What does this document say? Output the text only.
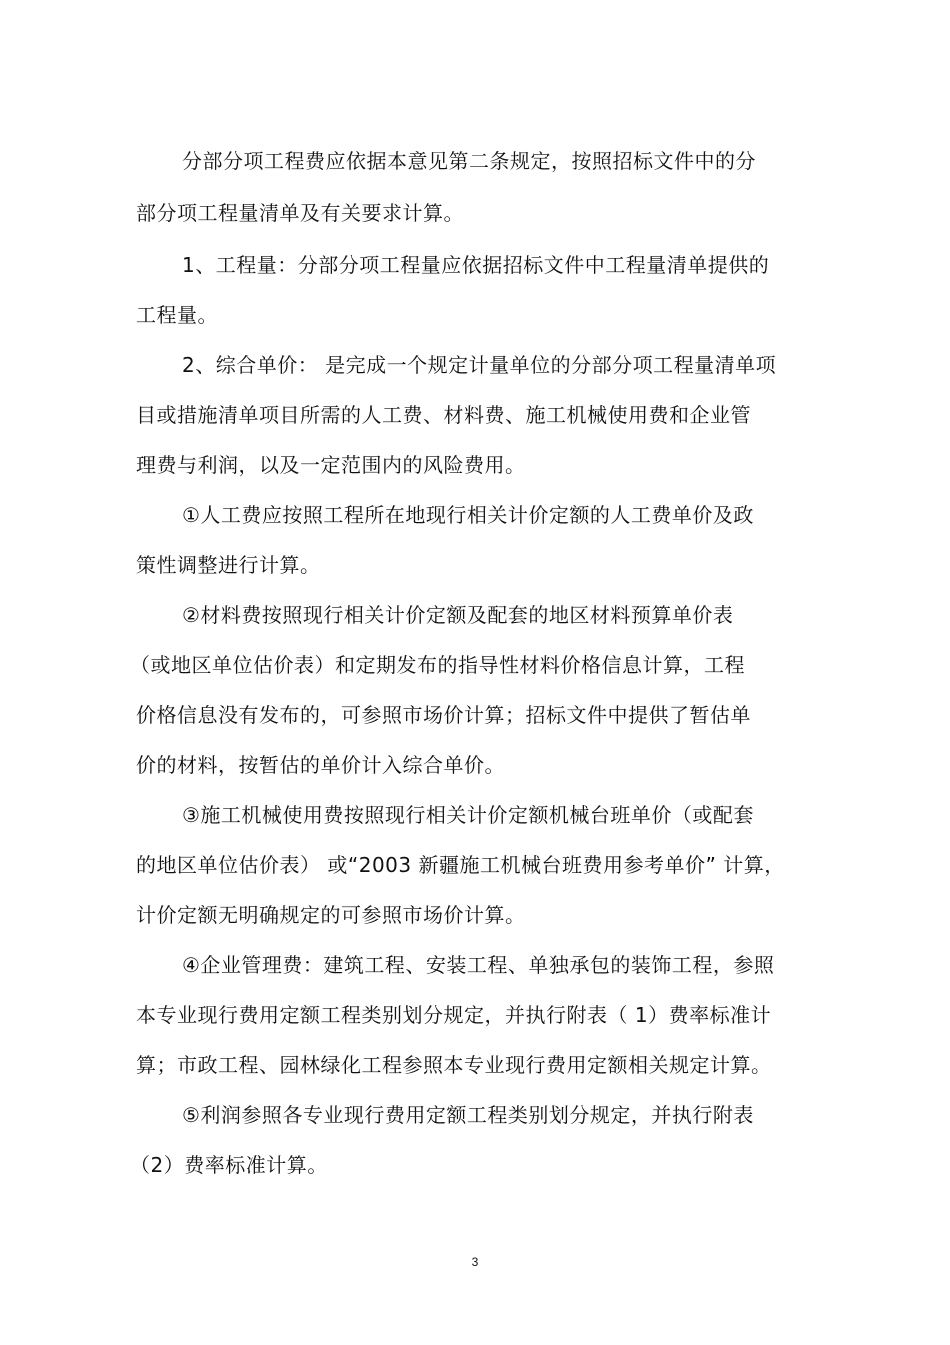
分部分项工程费应依据本意见第二条规定，按照招标文件中的分
部分项工程量清单及有关要求计算。
1、工程量：分部分项工程量应依据招标文件中工程量清单提供的
工程量。
2、综合单价： 是完成一个规定计量单位的分部分项工程量清单项
目或措施清单项目所需的人工费、材料费、施工机械使用费和企业管
理费与利润，以及一定范围内的风险费用。
①人工费应按照工程所在地现行相关计价定额的人工费单价及政
策性调整进行计算。
②材料费按照现行相关计价定额及配套的地区材料预算单价表
（或地区单位估价表）和定期发布的指导性材料价格信息计算，工程
价格信息没有发布的，可参照市场价计算；招标文件中提供了暂估单
价的材料，按暂估的单价计入综合单价。
③施工机械使用费按照现行相关计价定额机械台班单价（或配套
的地区单位估价表） 或“2003 新疆施工机械台班费用参考单价” 计算，
计价定额无明确规定的可参照市场价计算。
④企业管理费：建筑工程、安装工程、单独承包的装饰工程，参照
本专业现行费用定额工程类别划分规定，并执行附表（ 1）费率标准计
算；市政工程、园林绿化工程参照本专业现行费用定额相关规定计算。
⑤利润参照各专业现行费用定额工程类别划分规定，并执行附表
（2）费率标准计算。
3
